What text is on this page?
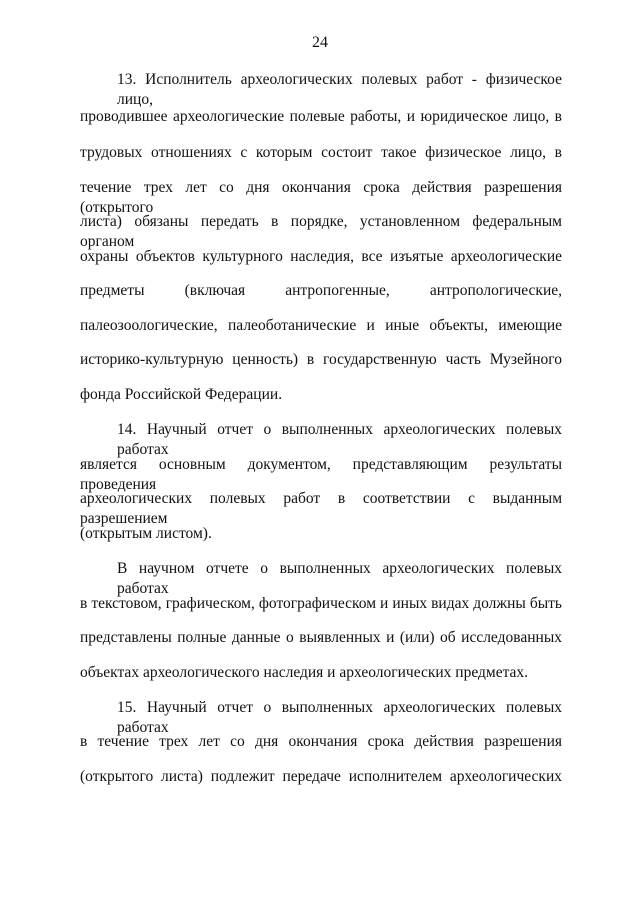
24
13. Исполнитель археологических полевых работ - физическое лицо,
проводившее археологические полевые работы, и юридическое лицо, в
трудовых отношениях с которым состоит такое физическое лицо, в
течение трех лет со дня окончания срока действия разрешения (открытого
листа) обязаны передать в порядке, установленном федеральным органом
охраны объектов культурного наследия, все изъятые археологические
предметы (включая антропогенные, антропологические,
палеозоологические, палеоботанические и иные объекты, имеющие
историко-культурную ценность) в государственную часть Музейного
фонда Российской Федерации.
14. Научный отчет о выполненных археологических полевых работах
является основным документом, представляющим результаты проведения
археологических полевых работ в соответствии с выданным разрешением
(открытым листом).
В научном отчете о выполненных археологических полевых работах
в текстовом, графическом, фотографическом и иных видах должны быть
представлены полные данные о выявленных и (или) об исследованных
объектах археологического наследия и археологических предметах.
15. Научный отчет о выполненных археологических полевых работах
в течение трех лет со дня окончания срока действия разрешения
(открытого листа) подлежит передаче исполнителем археологических
